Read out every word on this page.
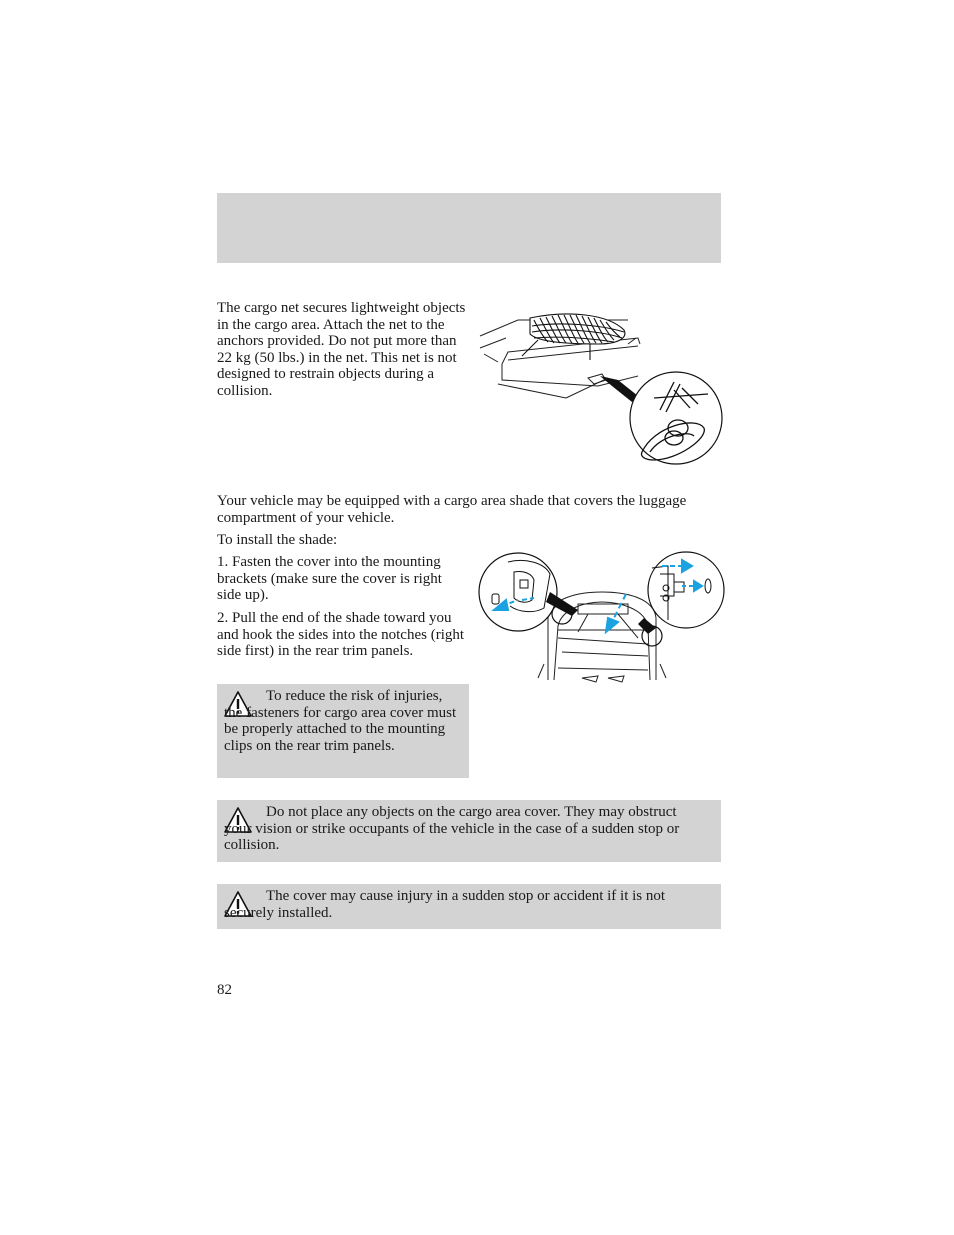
The cargo net secures lightweight objects in the cargo area. Attach the net to the anchors provided. Do not put more than 22 kg (50 lbs.) in the net. This net is not designed to restrain objects during a collision.

Your vehicle may be equipped with a cargo area shade that covers the luggage compartment of your vehicle.

To install the shade:

1. Fasten the cover into the mounting brackets (make sure the cover is right side up).

2. Pull the end of the shade toward you and hook the sides into the notches (right side first) in the rear trim panels.

To reduce the risk of injuries, the fasteners for cargo area cover must be properly attached to the mounting clips on the rear trim panels.
Do not place any objects on the cargo area cover. They may obstruct your vision or strike occupants of the vehicle in the case of a sudden stop or collision.
The cover may cause injury in a sudden stop or accident if it is not securely installed.
82
